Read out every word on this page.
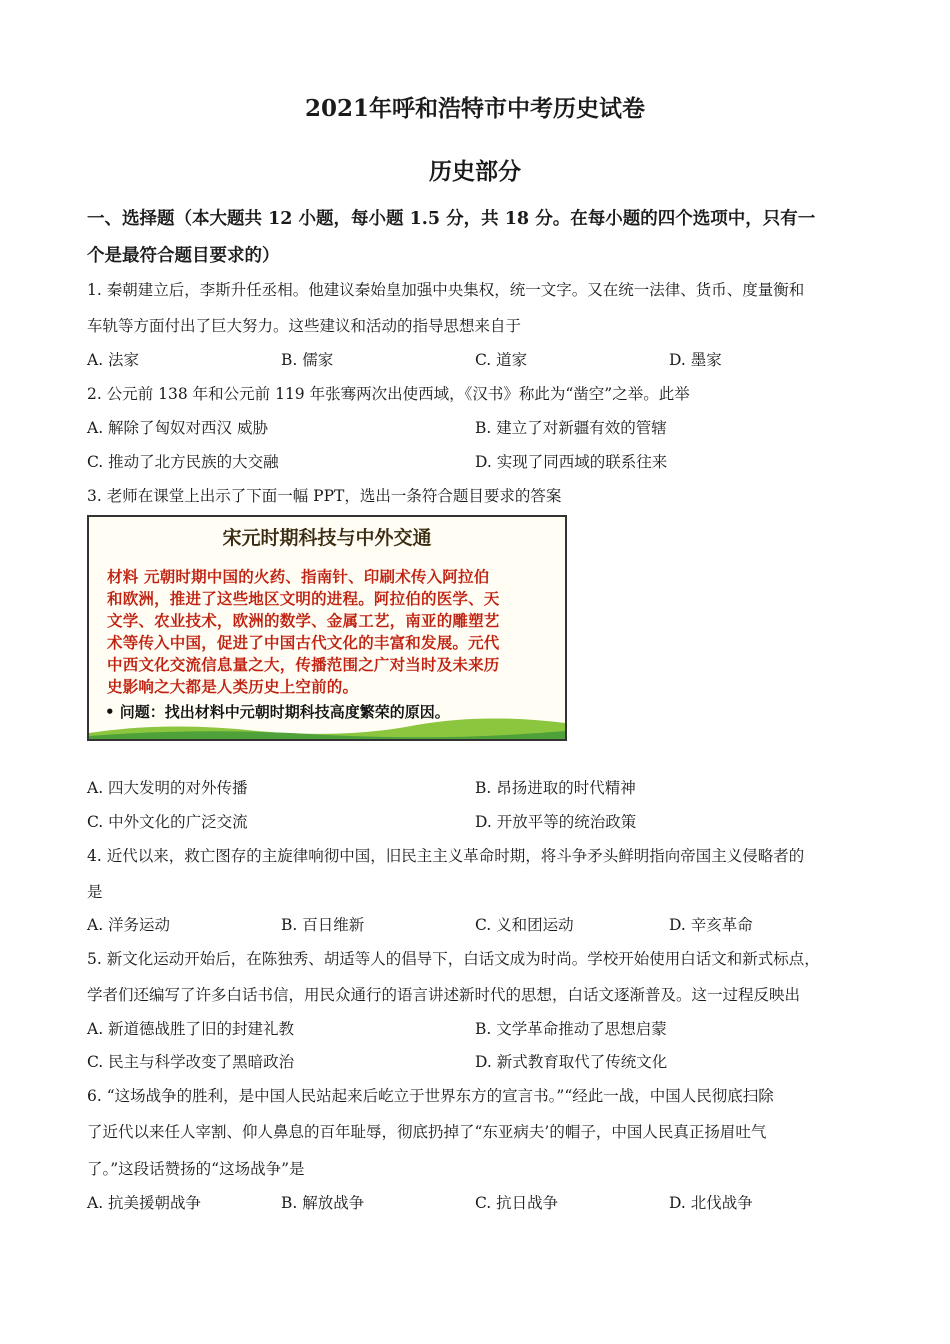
2021年呼和浩特市中考历史试卷
历史部分
一、选择题（本大题共 12 小题，每小题 1.5 分，共 18 分。在每小题的四个选项中，只有一
个是最符合题目要求的）
1. 秦朝建立后，李斯升任丞相。他建议秦始皇加强中央集权，统一文字。又在统一法律、货币、度量衡和
车轨等方面付出了巨大努力。这些建议和活动的指导思想来自于
A. 法家	B. 儒家	C. 道家	D. 墨家
2. 公元前 138 年和公元前 119 年张骞两次出使西域，《汉书》称此为“凿空”之举。此举
A. 解除了匈奴对西汉 威胁	B. 建立了对新疆有效的管辖
C. 推动了北方民族的大交融	D. 实现了同西域的联系往来
3. 老师在课堂上出示了下面一幅 PPT，选出一条符合题目要求的答案
宋元时期科技与中外交通
材料 元朝时期中国的火药、指南针、印刷术传入阿拉伯
和欧洲，推进了这些地区文明的进程。阿拉伯的医学、天
文学、农业技术，欧洲的数学、金属工艺，南亚的雕塑艺
术等传入中国，促进了中国古代文化的丰富和发展。元代
中西文化交流信息量之大，传播范围之广对当时及未来历
史影响之大都是人类历史上空前的。
• 问题：找出材料中元朝时期科技高度繁荣的原因。
A. 四大发明的对外传播	B. 昂扬进取的时代精神
C. 中外文化的广泛交流	D. 开放平等的统治政策
4. 近代以来，救亡图存的主旋律响彻中国，旧民主主义革命时期，将斗争矛头鲜明指向帝国主义侵略者的
是
A. 洋务运动	B. 百日维新	C. 义和团运动	D. 辛亥革命
5. 新文化运动开始后，在陈独秀、胡适等人的倡导下，白话文成为时尚。学校开始使用白话文和新式标点，
学者们还编写了许多白话书信，用民众通行的语言讲述新时代的思想，白话文逐渐普及。这一过程反映出
A. 新道德战胜了旧的封建礼教	B. 文学革命推动了思想启蒙
C. 民主与科学改变了黑暗政治	D. 新式教育取代了传统文化
6. “这场战争的胜利，是中国人民站起来后屹立于世界东方的宣言书。”“经此一战，中国人民彻底扫除
了近代以来任人宰割、仰人鼻息的百年耻辱，彻底扔掉了“东亚病夫’的帽子，中国人民真正扬眉吐气
了。”这段话赞扬的“这场战争”是
A. 抗美援朝战争	B. 解放战争	C. 抗日战争	D. 北伐战争
